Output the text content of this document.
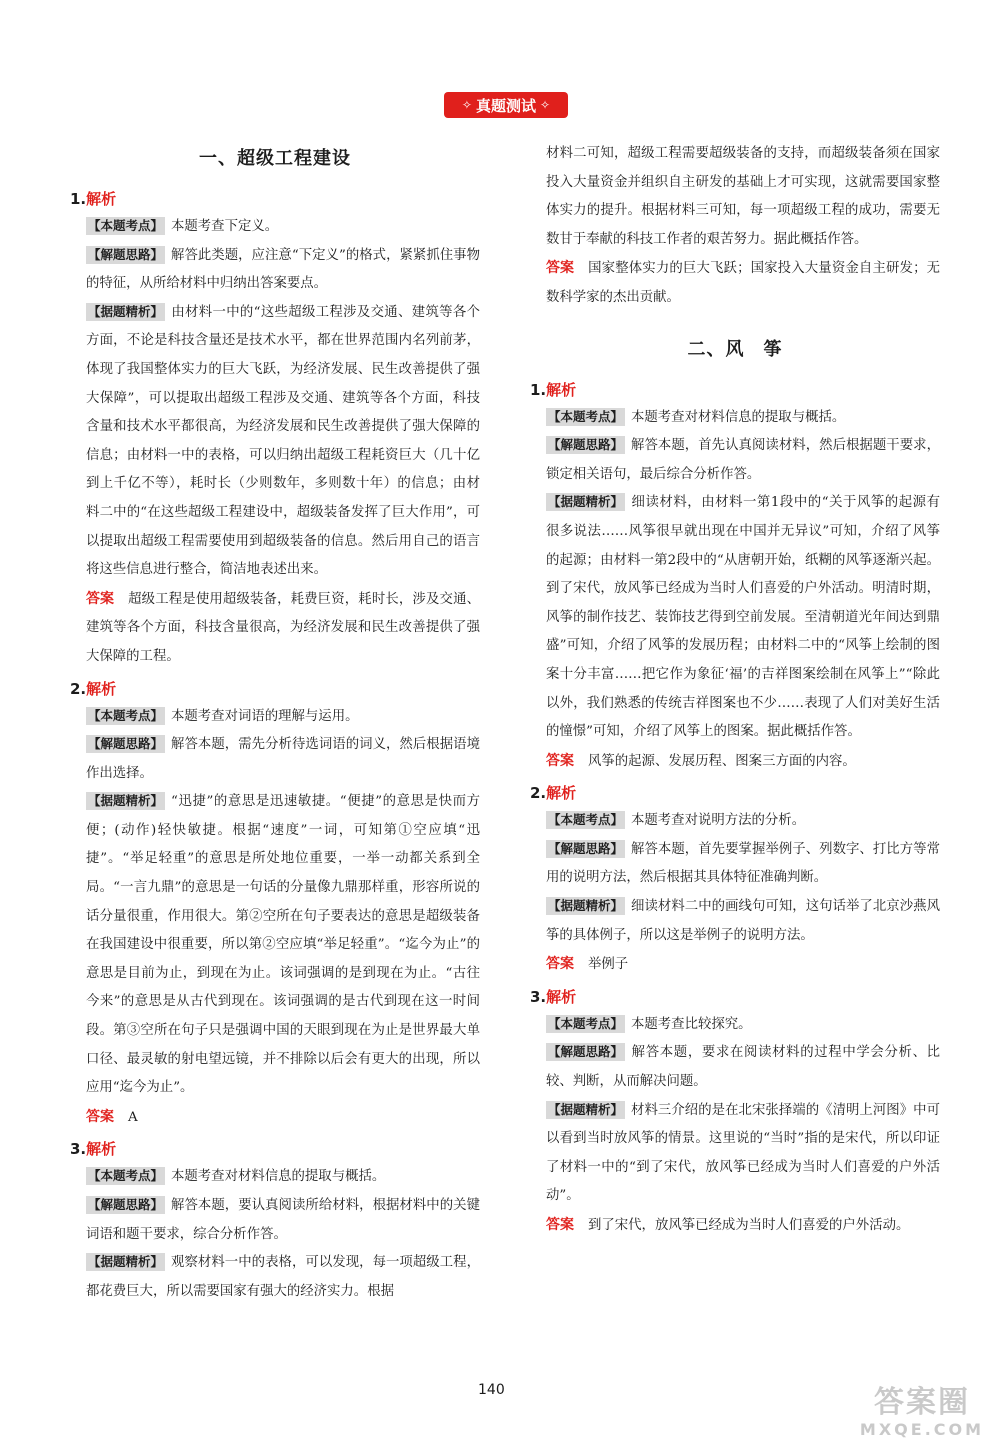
✧ 真题测试 ✧
一、超级工程建设
1.解析
【本题考点】 本题考查下定义。
【解题思路】 解答此类题，应注意“下定义”的格式，紧紧抓住事物的特征，从所给材料中归纳出答案要点。
【据题精析】 由材料一中的“这些超级工程涉及交通、建筑等各个方面，不论是科技含量还是技术水平，都在世界范围内名列前茅，体现了我国整体实力的巨大飞跃，为经济发展、民生改善提供了强大保障”，可以提取出超级工程涉及交通、建筑等各个方面，科技含量和技术水平都很高，为经济发展和民生改善提供了强大保障的信息；由材料一中的表格，可以归纳出超级工程耗资巨大（几十亿到上千亿不等），耗时长（少则数年，多则数十年）的信息；由材料二中的“在这些超级工程建设中，超级装备发挥了巨大作用”，可以提取出超级工程需要使用到超级装备的信息。然后用自己的语言将这些信息进行整合，简洁地表述出来。
答案 超级工程是使用超级装备，耗费巨资，耗时长，涉及交通、建筑等各个方面，科技含量很高，为经济发展和民生改善提供了强大保障的工程。
2.解析
【本题考点】 本题考查对词语的理解与运用。
【解题思路】 解答本题，需先分析待选词语的词义，然后根据语境作出选择。
【据题精析】 “迅捷”的意思是迅速敏捷。“便捷”的意思是快而方便；(动作)轻快敏捷。根据“速度”一词，可知第①空应填“迅捷”。“举足轻重”的意思是所处地位重要，一举一动都关系到全局。“一言九鼎”的意思是一句话的分量像九鼎那样重，形容所说的话分量很重，作用很大。第②空所在句子要表达的意思是超级装备在我国建设中很重要，所以第②空应填“举足轻重”。“迄今为止”的意思是目前为止，到现在为止。该词强调的是到现在为止。“古往今来”的意思是从古代到现在。该词强调的是古代到现在这一时间段。第③空所在句子只是强调中国的天眼到现在为止是世界最大单口径、最灵敏的射电望远镜，并不排除以后会有更大的出现，所以应用“迄今为止”。
答案 A
3.解析
【本题考点】 本题考查对材料信息的提取与概括。
【解题思路】 解答本题，要认真阅读所给材料，根据材料中的关键词语和题干要求，综合分析作答。
【据题精析】 观察材料一中的表格，可以发现，每一项超级工程，都花费巨大，所以需要国家有强大的经济实力。根据
材料二可知，超级工程需要超级装备的支持，而超级装备须在国家投入大量资金并组织自主研发的基础上才可实现，这就需要国家整体实力的提升。根据材料三可知，每一项超级工程的成功，需要无数甘于奉献的科技工作者的艰苦努力。据此概括作答。
答案 国家整体实力的巨大飞跃；国家投入大量资金自主研发；无数科学家的杰出贡献。
二、风　筝
1.解析
【本题考点】 本题考查对材料信息的提取与概括。
【解题思路】 解答本题，首先认真阅读材料，然后根据题干要求，锁定相关语句，最后综合分析作答。
【据题精析】 细读材料，由材料一第1段中的“关于风筝的起源有很多说法……风筝很早就出现在中国并无异议”可知，介绍了风筝的起源；由材料一第2段中的“从唐朝开始，纸糊的风筝逐渐兴起。到了宋代，放风筝已经成为当时人们喜爱的户外活动。明清时期，风筝的制作技艺、装饰技艺得到空前发展。至清朝道光年间达到鼎盛”可知，介绍了风筝的发展历程；由材料二中的“风筝上绘制的图案十分丰富……把它作为象征‘福’的吉祥图案绘制在风筝上”“除此以外，我们熟悉的传统吉祥图案也不少……表现了人们对美好生活的憧憬”可知，介绍了风筝上的图案。据此概括作答。
答案 风筝的起源、发展历程、图案三方面的内容。
2.解析
【本题考点】 本题考查对说明方法的分析。
【解题思路】 解答本题，首先要掌握举例子、列数字、打比方等常用的说明方法，然后根据其具体特征准确判断。
【据题精析】 细读材料二中的画线句可知，这句话举了北京沙燕风筝的具体例子，所以这是举例子的说明方法。
答案 举例子
3.解析
【本题考点】 本题考查比较探究。
【解题思路】 解答本题，要求在阅读材料的过程中学会分析、比较、判断，从而解决问题。
【据题精析】 材料三介绍的是在北宋张择端的《清明上河图》中可以看到当时放风筝的情景。这里说的“当时”指的是宋代，所以印证了材料一中的“到了宋代，放风筝已经成为当时人们喜爱的户外活动”。
答案 到了宋代，放风筝已经成为当时人们喜爱的户外活动。
140	答案圈
MXQE.COM
